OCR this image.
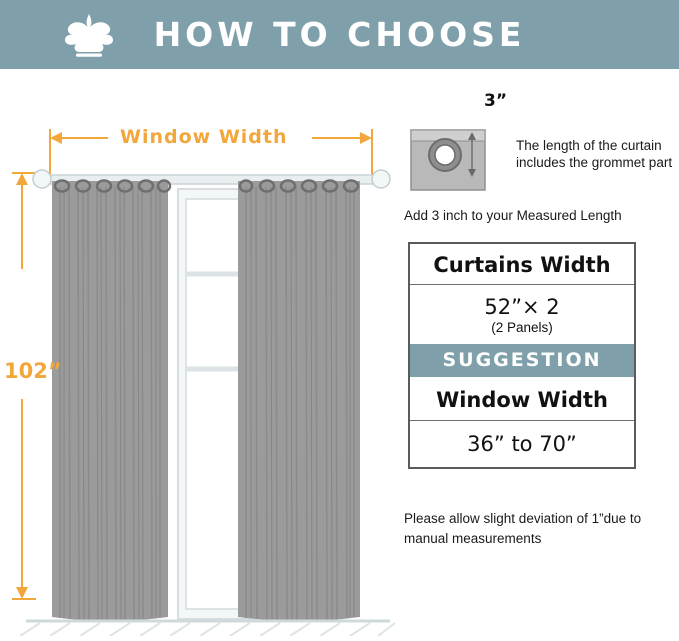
HOW TO CHOOSE
Window Width
102”
3”
The length of the curtain includes the grommet part
Add 3 inch to your Measured Length
Curtains Width
52”× 2
(2 Panels)
SUGGESTION
Window Width
36” to 70”
Please allow slight deviation of 1”due to manual measurements
